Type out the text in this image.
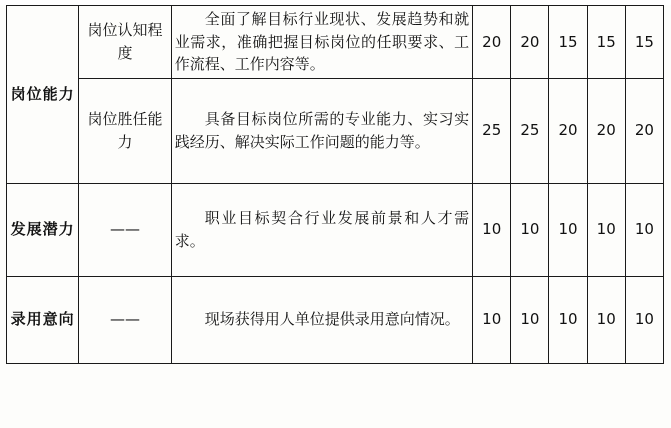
岗位能力	岗位认知程度	全面了解目标行业现状、发展趋势和就业需求，准确把握目标岗位的任职要求、工作流程、工作内容等。	20	20	15	15	15
	岗位胜任能力	具备目标岗位所需的专业能力、实习实践经历、解决实际工作问题的能力等。	25	25	20	20	20
发展潜力	——	职业目标契合行业发展前景和人才需求。	10	10	10	10	10
录用意向	——	现场获得用人单位提供录用意向情况。	10	10	10	10	10
